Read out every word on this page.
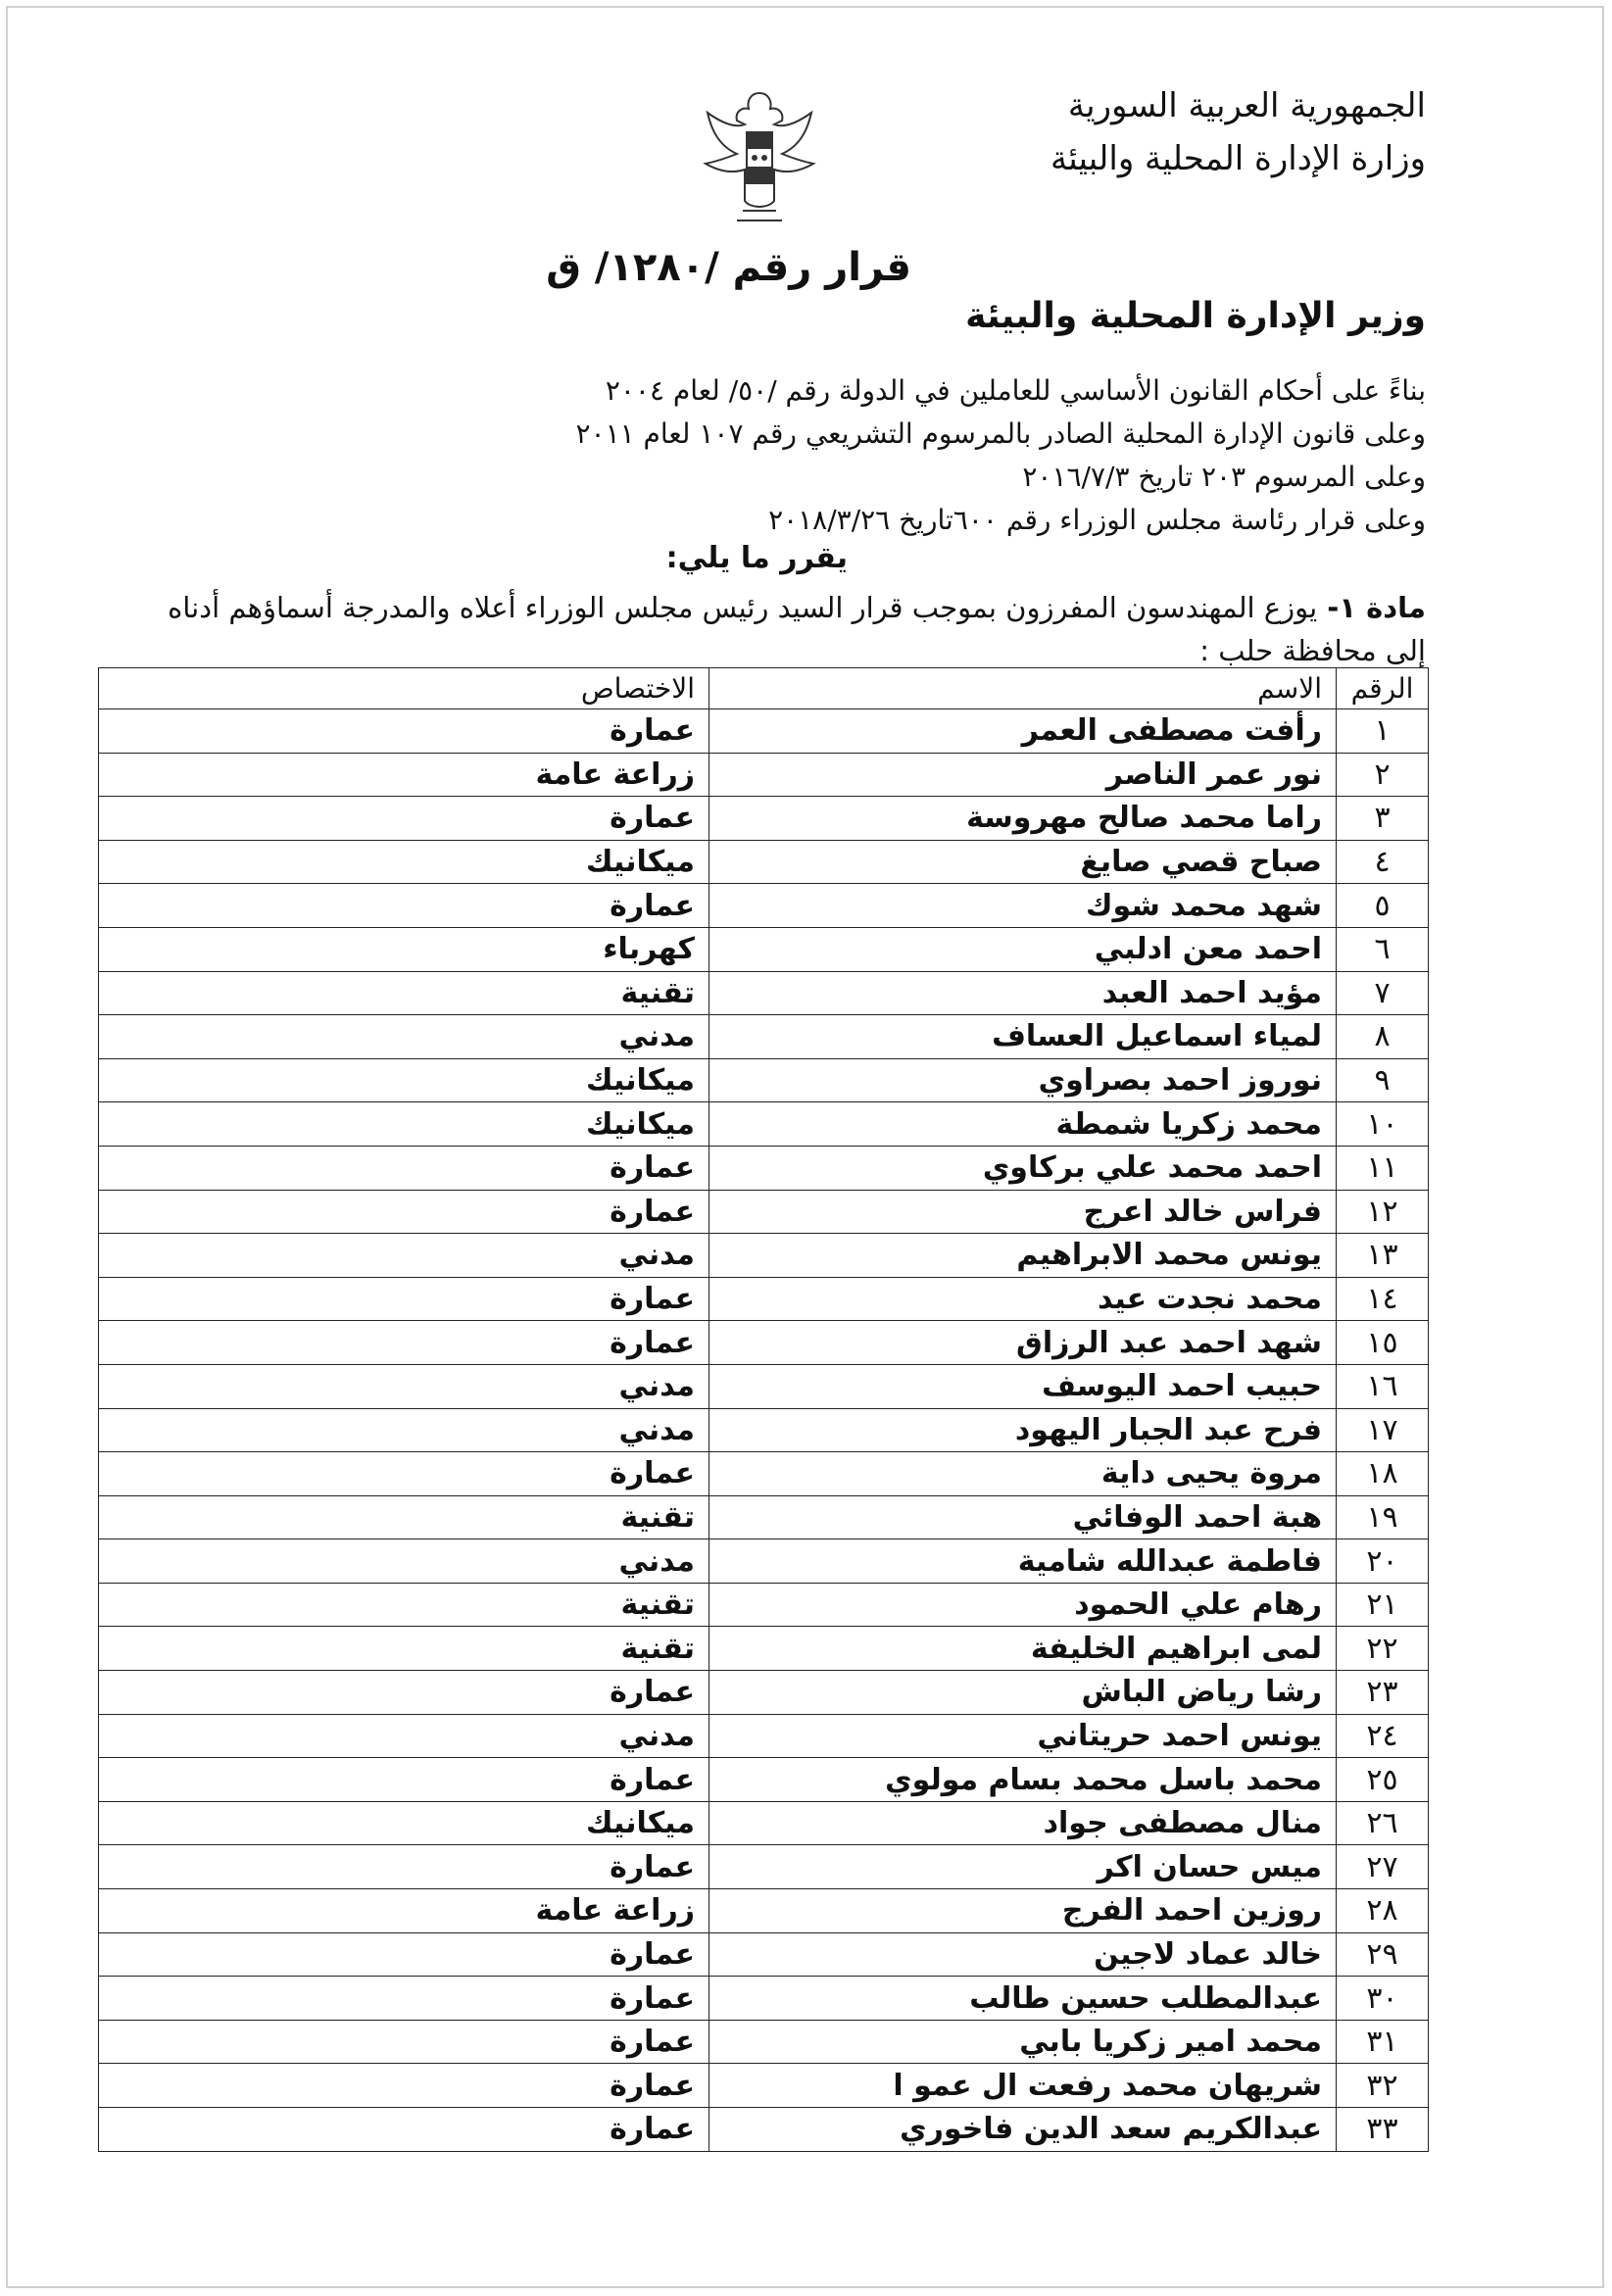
الجمهورية العربية السورية
وزارة الإدارة المحلية والبيئة
قرار رقم /١٢٨٠/ ق
وزير الإدارة المحلية والبيئة
بناءً على أحكام القانون الأساسي للعاملين في الدولة رقم /٥٠/ لعام ٢٠٠٤
وعلى قانون الإدارة المحلية الصادر بالمرسوم التشريعي رقم ١٠٧ لعام ٢٠١١
وعلى المرسوم ٢٠٣ تاريخ ٢٠١٦/٧/٣
وعلى قرار رئاسة مجلس الوزراء رقم ٦٠٠تاريخ ٢٠١٨/٣/٢٦
يقرر ما يلي:
مادة ١- يوزع المهندسون المفرزون بموجب قرار السيد رئيس مجلس الوزراء أعلاه والمدرجة أسماؤهم أدناه إلى محافظة حلب :
الرقم	الاسم	الاختصاص
١	رأفت مصطفى العمر	عمارة
٢	نور عمر الناصر	زراعة عامة
٣	راما محمد صالح مهروسة	عمارة
٤	صباح قصي صايغ	ميكانيك
٥	شهد محمد شوك	عمارة
٦	احمد معن ادلبي	كهرباء
٧	مؤيد احمد العبد	تقنية
٨	لمياء اسماعيل العساف	مدني
٩	نوروز احمد بصراوي	ميكانيك
١٠	محمد زكريا شمطة	ميكانيك
١١	احمد محمد علي بركاوي	عمارة
١٢	فراس خالد اعرج	عمارة
١٣	يونس محمد الابراهيم	مدني
١٤	محمد نجدت عيد	عمارة
١٥	شهد احمد عبد الرزاق	عمارة
١٦	حبيب احمد اليوسف	مدني
١٧	فرح عبد الجبار اليهود	مدني
١٨	مروة يحيى داية	عمارة
١٩	هبة احمد الوفائي	تقنية
٢٠	فاطمة عبدالله شامية	مدني
٢١	رهام علي الحمود	تقنية
٢٢	لمى ابراهيم الخليفة	تقنية
٢٣	رشا رياض الباش	عمارة
٢٤	يونس احمد حريتاني	مدني
٢٥	محمد باسل محمد بسام مولوي	عمارة
٢٦	منال مصطفى جواد	ميكانيك
٢٧	ميس حسان اكر	عمارة
٢٨	روزين احمد الفرج	زراعة عامة
٢٩	خالد عماد لاجين	عمارة
٣٠	عبدالمطلب حسين طالب	عمارة
٣١	محمد امير زكريا بابي	عمارة
٣٢	شريهان محمد رفعت ال عمو ا	عمارة
٣٣	عبدالكريم سعد الدين فاخوري	عمارة
